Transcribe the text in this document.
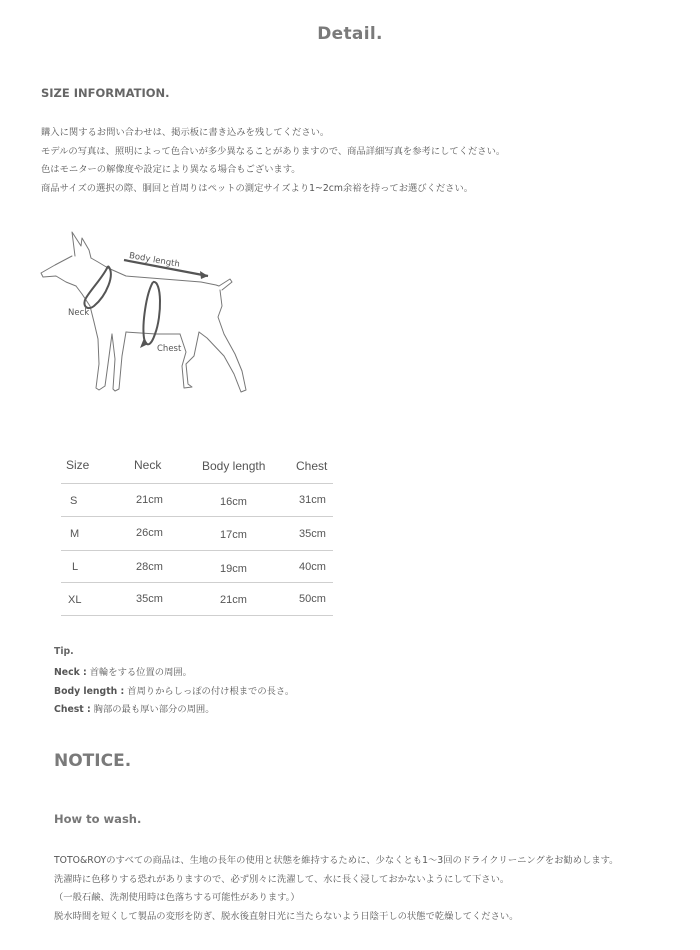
Detail.
SIZE INFORMATION.
購入に関するお問い合わせは、掲示板に書き込みを残してください。
モデルの写真は、照明によって色合いが多少異なることがありますので、商品詳細写真を参考にしてください。
色はモニターの解像度や設定により異なる場合もございます。
商品サイズの選択の際、胴回と首周りはペットの測定サイズより1~2cm余裕を持ってお選びください。
Body length
Neck
Chest
Size	Neck	Body length	Chest
S	21cm	16cm	31cm
M	26cm	17cm	35cm
L	28cm	19cm	40cm
XL	35cm	21cm	50cm
Tip.
Neck : 首輪をする位置の周囲。
Body length : 首周りからしっぽの付け根までの長さ。
Chest : 胸部の最も厚い部分の周囲。
NOTICE.
How to wash.
TOTO&ROYのすべての商品は、生地の長年の使用と状態を維持するために、少なくとも1～3回のドライクリーニングをお勧めします。
洗濯時に色移りする恐れがありますので、必ず別々に洗濯して、水に長く浸しておかないようにして下さい。
（一般石鹸、洗剤使用時は色落ちする可能性があります。）
脱水時間を短くして製品の変形を防ぎ、脱水後直射日光に当たらないよう日陰干しの状態で乾燥してください。
